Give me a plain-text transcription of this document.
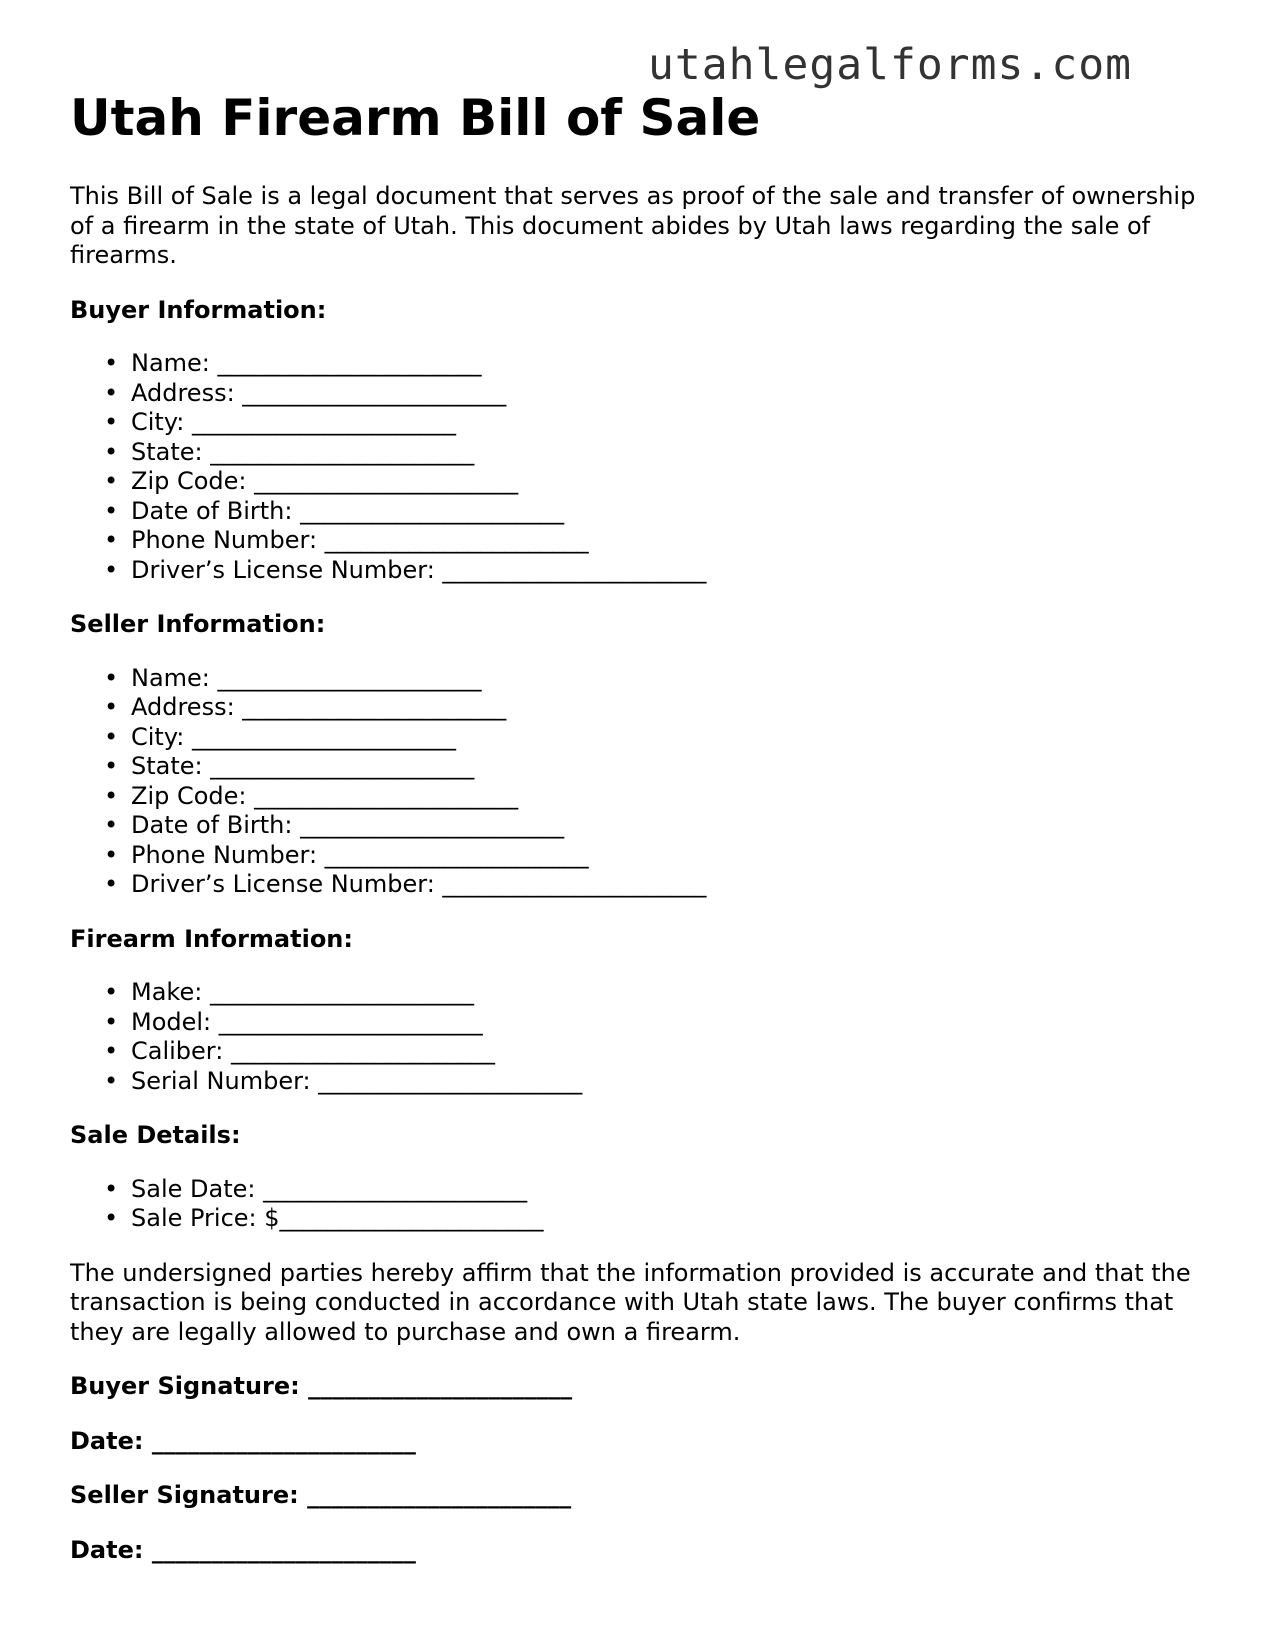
utahlegalforms.com
Utah Firearm Bill of Sale

This Bill of Sale is a legal document that serves as proof of the sale and transfer of ownership of a firearm in the state of Utah. This document abides by Utah laws regarding the sale of firearms.

Buyer Information:
• Name: ______________________
• Address: ______________________
• City: ______________________
• State: ______________________
• Zip Code: ______________________
• Date of Birth: ______________________
• Phone Number: ______________________
• Driver’s License Number: ______________________
Seller Information:
• Name: ______________________
• Address: ______________________
• City: ______________________
• State: ______________________
• Zip Code: ______________________
• Date of Birth: ______________________
• Phone Number: ______________________
• Driver’s License Number: ______________________
Firearm Information:
• Make: ______________________
• Model: ______________________
• Caliber: ______________________
• Serial Number: ______________________
Sale Details:
• Sale Date: ______________________
• Sale Price: $______________________

The undersigned parties hereby affirm that the information provided is accurate and that the transaction is being conducted in accordance with Utah state laws. The buyer confirms that they are legally allowed to purchase and own a firearm.

Buyer Signature: ______________________
Date: ______________________
Seller Signature: ______________________
Date: ______________________
